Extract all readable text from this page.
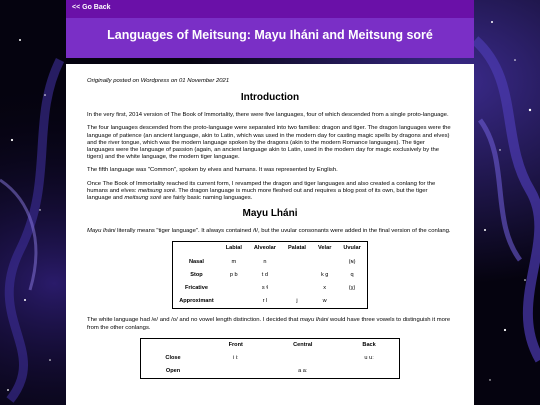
<< Go Back
Languages of Meitsung: Mayu Iháni and Meitsung soré

Originally posted on Wordpress on 01 November 2021

Introduction

In the very first, 2014 version of The Book of Immortality, there were five languages, four of which descended from a single proto-language.

The four languages descended from the proto-language were separated into two families: dragon and tiger. The dragon languages were the language of patience (an ancient language, akin to Latin, which was used in the modern day for casting magic spells by dragons and elves) and the river tongue, which was the modern language spoken by the dragons (akin to the modern Romance languages). The tiger languages were the language of passion (again, an ancient language akin to Latin, used in the modern day for magic exclusively by the tigers) and the white language, the modern tiger language.

The fifth language was "Common", spoken by elves and humans. It was represented by English.

Once The Book of Immortality reached its current form, I revamped the dragon and tiger languages and also created a conlang for the humans and elves: meitsung soré. The dragon language is much more fleshed out and requires a blog post of its own, but the tiger language and meitsung soré are fairly basic naming languages.

Mayu Lháni

Mayu lháni literally means "tiger language". It always contained /ɬ/, but the uvular consonants were added in the final version of the conlang.

	Labial	Alveolar	Palatal	Velar	Uvular
Nasal	m	n			(ɴ)
Stop	p b	t d		k g	q
Fricative		s ɬ		x	(χ)
Approximant		r l	j	w	

The white language had /e/ and /o/ and no vowel length distinction. I decided that mayu lháni would have three vowels to distinguish it more from the other conlangs.

	Front	Central	Back
Close	i iː		u uː
Open		a aː	
